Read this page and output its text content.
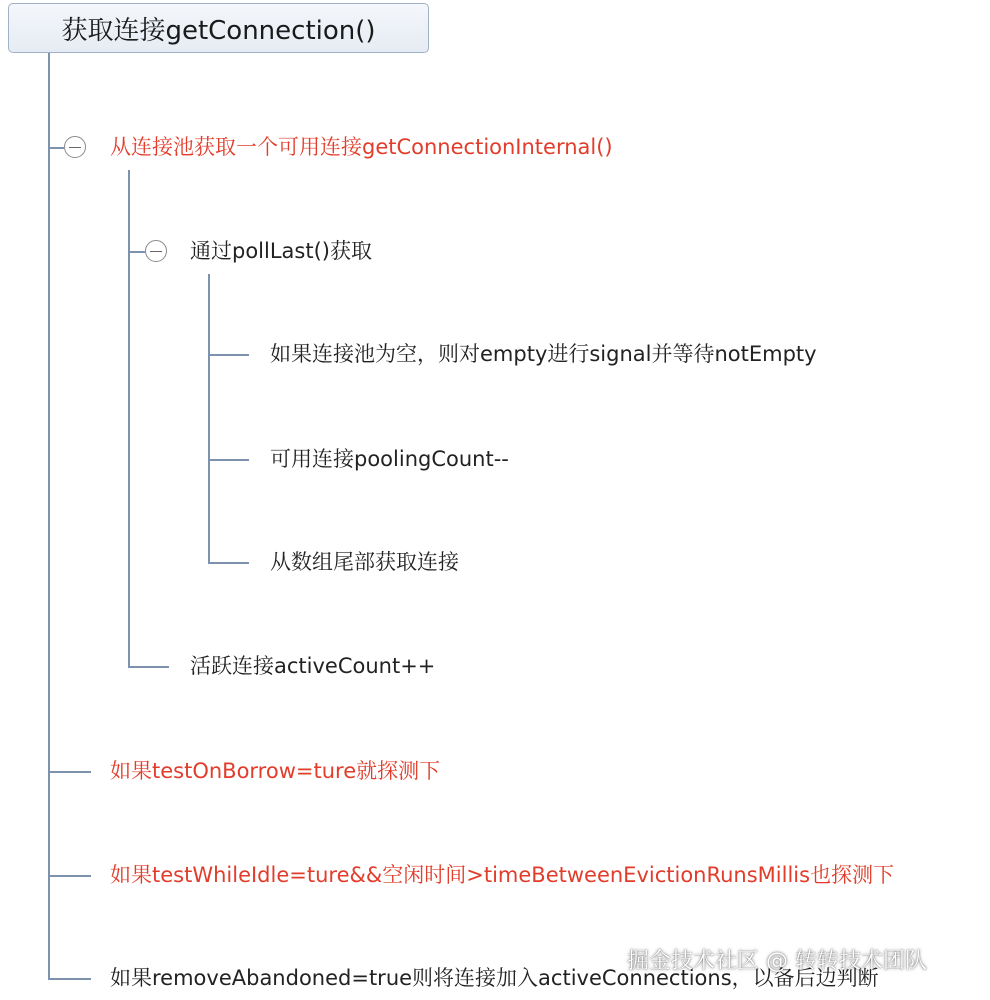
获取连接getConnection()
从连接池获取一个可用连接getConnectionInternal()
如果testOnBorrow=ture就探测下
如果testWhileIdle=ture&&空闲时间>timeBetweenEvictionRunsMillis也探测下
如果removeAbandoned=true则将连接加入activeConnections，以备后边判断
通过pollLast()获取
活跃连接activeCount++
如果连接池为空，则对empty进行signal并等待notEmpty
可用连接poolingCount--
从数组尾部获取连接
掘金技术社区 @ 转转技术团队
